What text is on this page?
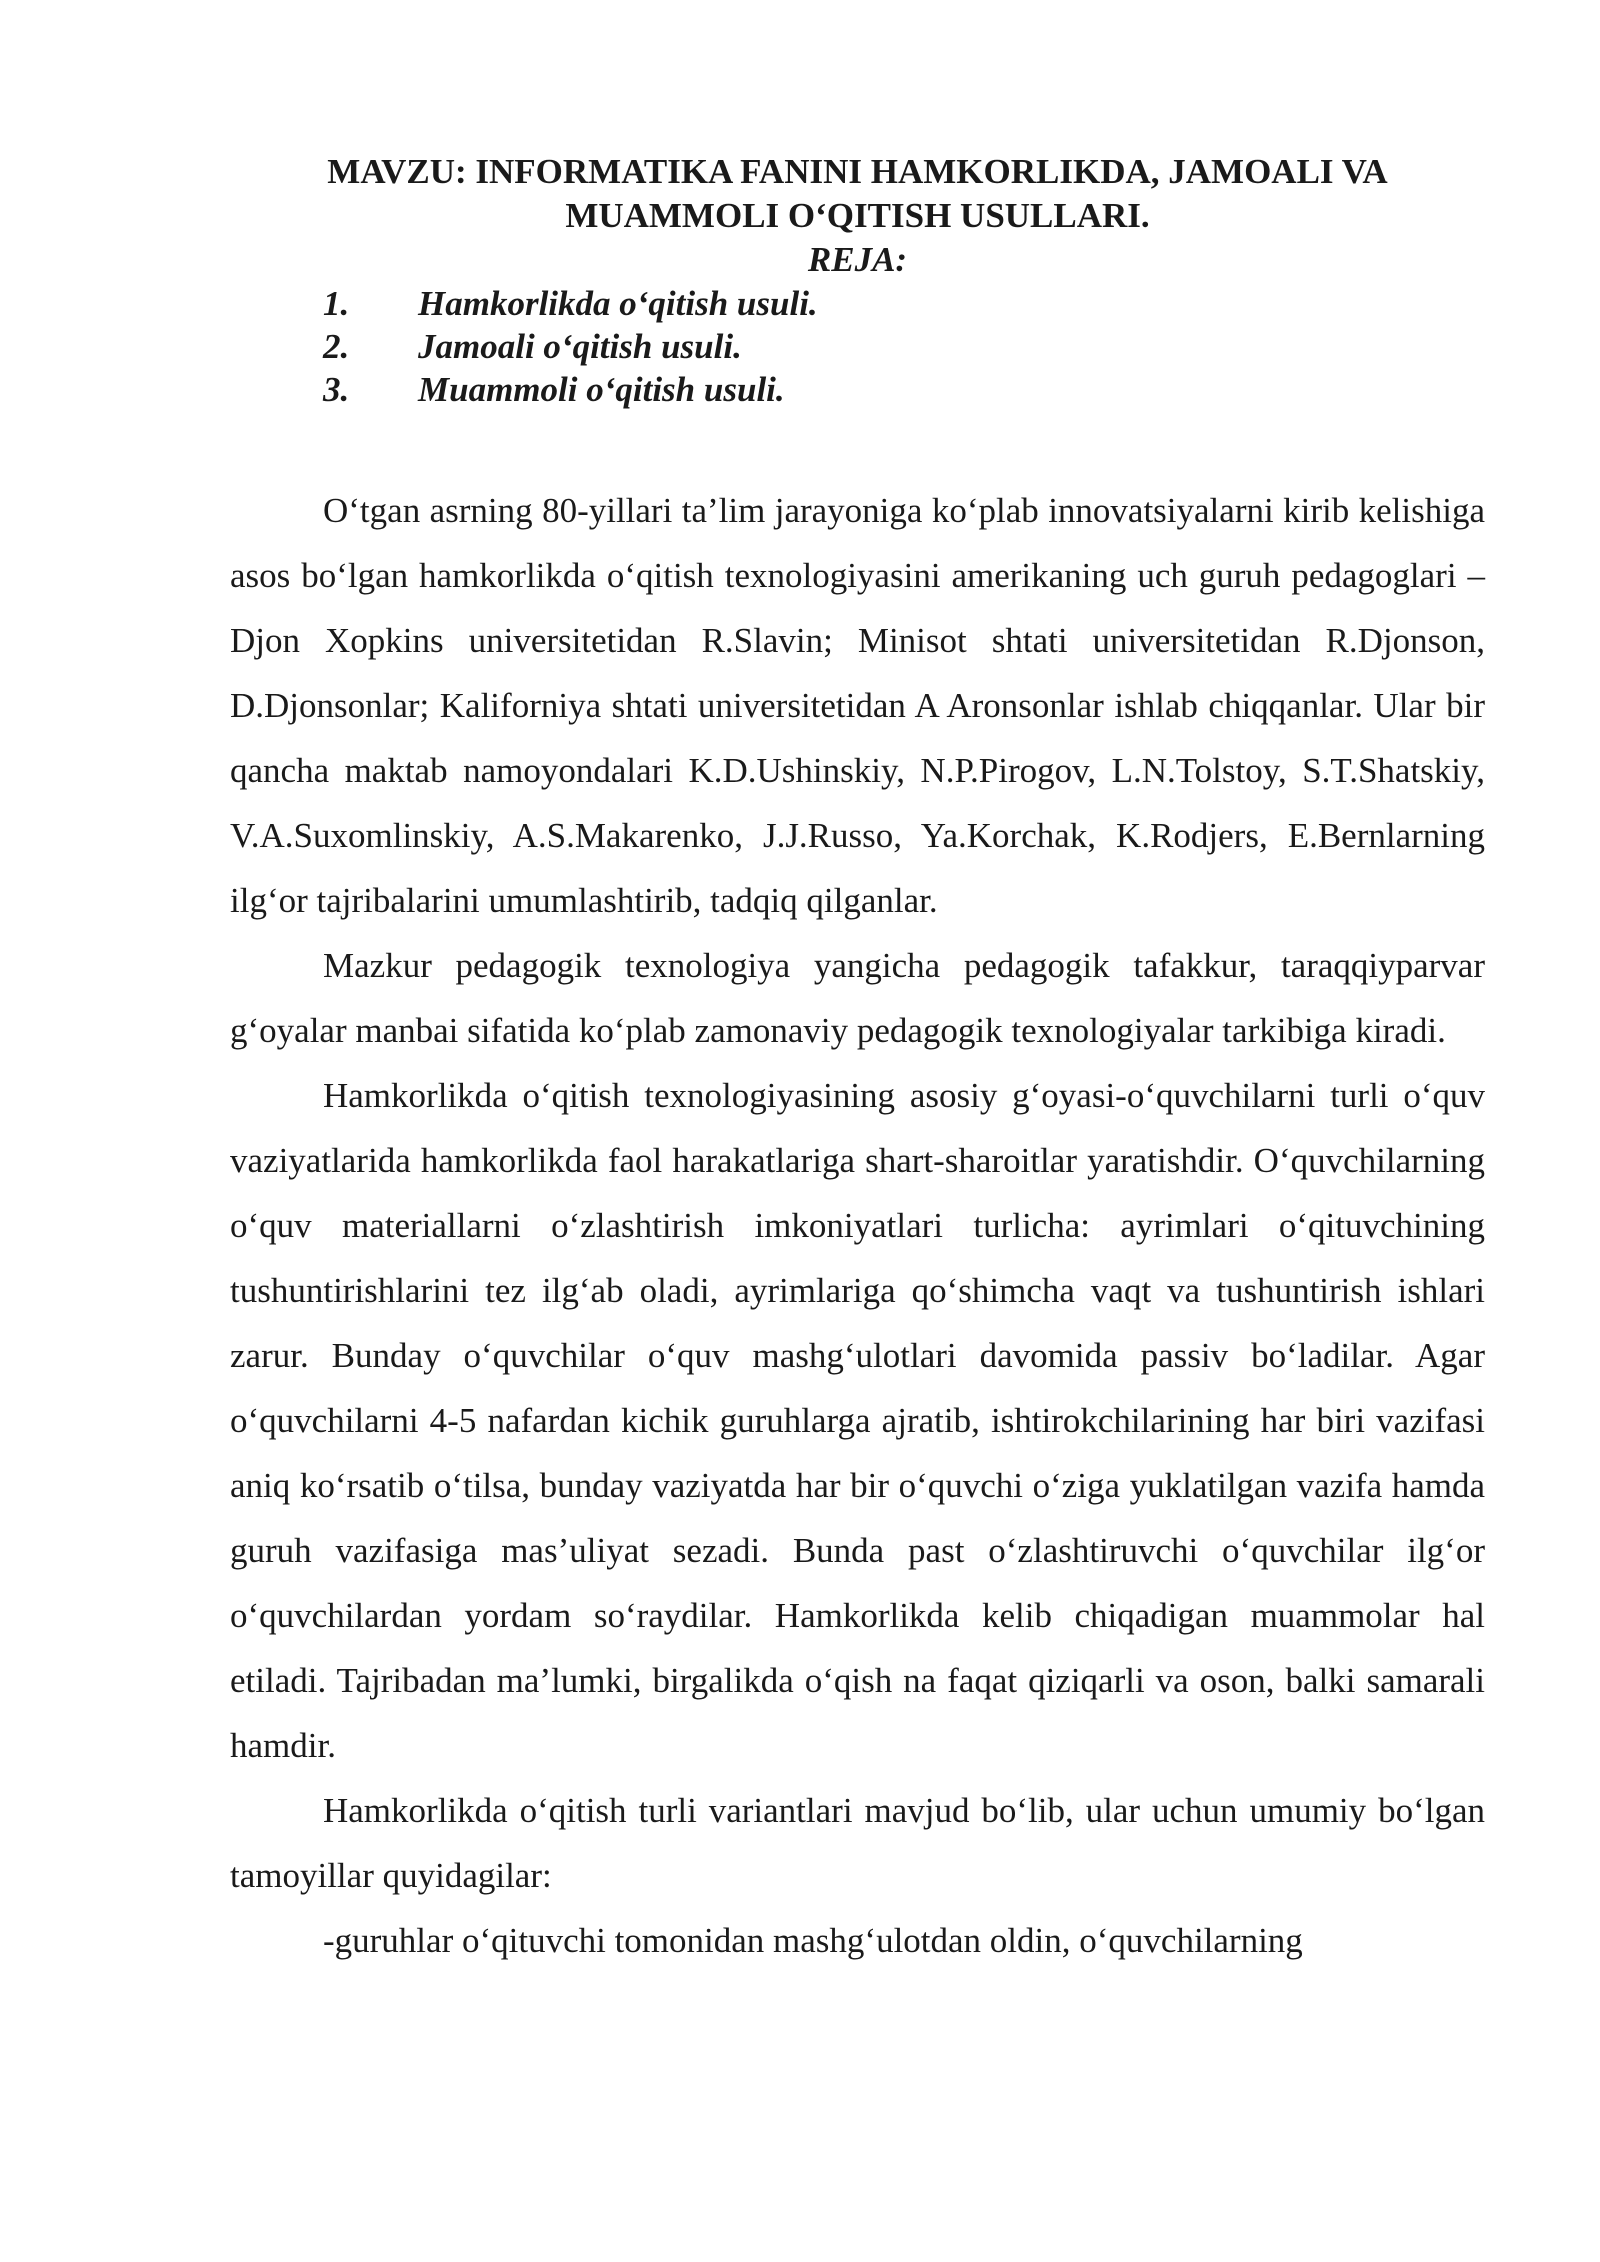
MAVZU: INFORMATIKA FANINI HAMKORLIKDA, JAMOALI VA
MUAMMOLI O‘QITISH USULLARI.
REJA:
1.	Hamkorlikda o‘qitish usuli.
2.	Jamoali o‘qitish usuli.
3.	Muammoli o‘qitish usuli.

O‘tgan asrning 80-yillari ta’lim jarayoniga ko‘plab innovatsiyalarni kirib kelishiga asos bo‘lgan hamkorlikda o‘qitish texnologiyasini amerikaning uch guruh pedagoglari – Djon Xopkins universitetidan R.Slavin; Minisot shtati universitetidan R.Djonson, D.Djonsonlar; Kaliforniya shtati universitetidan A Aronsonlar ishlab chiqqanlar. Ular bir qancha maktab namoyondalari K.D.Ushinskiy, N.P.Pirogov, L.N.Tolstoy, S.T.Shatskiy, V.A.Suxomlinskiy, A.S.Makarenko, J.J.Russo, Ya.Korchak, K.Rodjers, E.Bernlarning ilg‘or tajribalarini umumlashtirib, tadqiq qilganlar.

Mazkur pedagogik texnologiya yangicha pedagogik tafakkur, taraqqiyparvar g‘oyalar manbai sifatida ko‘plab zamonaviy pedagogik texnologiyalar tarkibiga kiradi.

Hamkorlikda o‘qitish texnologiyasining asosiy g‘oyasi-o‘quvchilarni turli o‘quv vaziyatlarida hamkorlikda faol harakatlariga shart-sharoitlar yaratishdir. O‘quvchilarning o‘quv materiallarni o‘zlashtirish imkoniyatlari turlicha: ayrimlari o‘qituvchining tushuntirishlarini tez ilg‘ab oladi, ayrimlariga qo‘shimcha vaqt va tushuntirish ishlari zarur. Bunday o‘quvchilar o‘quv mashg‘ulotlari davomida passiv bo‘ladilar. Agar o‘quvchilarni 4-5 nafardan kichik guruhlarga ajratib, ishtirokchilarining har biri vazifasi aniq ko‘rsatib o‘tilsa, bunday vaziyatda har bir o‘quvchi o‘ziga yuklatilgan vazifa hamda guruh vazifasiga mas’uliyat sezadi. Bunda past o‘zlashtiruvchi o‘quvchilar ilg‘or o‘quvchilardan yordam so‘raydilar. Hamkorlikda kelib chiqadigan muammolar hal etiladi. Tajribadan ma’lumki, birgalikda o‘qish na faqat qiziqarli va oson, balki samarali hamdir.

Hamkorlikda o‘qitish turli variantlari mavjud bo‘lib, ular uchun umumiy bo‘lgan tamoyillar quyidagilar:

-guruhlar o‘qituvchi tomonidan mashg‘ulotdan oldin, o‘quvchilarning
